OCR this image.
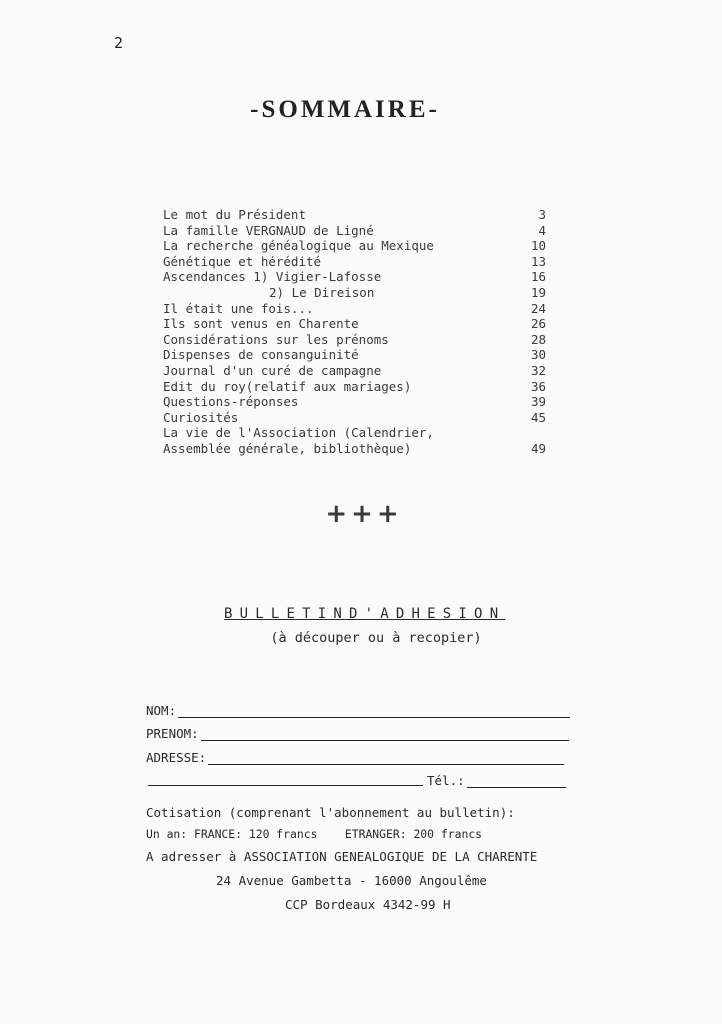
2
-SOMMAIRE-
Le mot du Président	3
La famille VERGNAUD de Ligné	4
La recherche généalogique au Mexique	10
Génétique et hérédité	13
Ascendances 1) Vigier-Lafosse	16
2) Le Direison	19
Il était une fois...	24
Ils sont venus en Charente	26
Considérations sur les prénoms	28
Dispenses de consanguinité	30
Journal d'un curé de campagne	32
Edit du roy(relatif aux mariages)	36
Questions-réponses	39
Curiosités	45
La vie de l'Association (Calendrier,
Assemblée générale, bibliothèque)	49
+++
BULLETIND'ADHESION
(à découper ou à recopier)
NOM:
PRENOM:
ADRESSE:
Tél.:
Cotisation (comprenant l'abonnement au bulletin):
Un an: FRANCE: 120 francs    ETRANGER: 200 francs
A adresser à ASSOCIATION GENEALOGIQUE DE LA CHARENTE
24 Avenue Gambetta - 16000 Angoulême
CCP Bordeaux 4342-99 H
